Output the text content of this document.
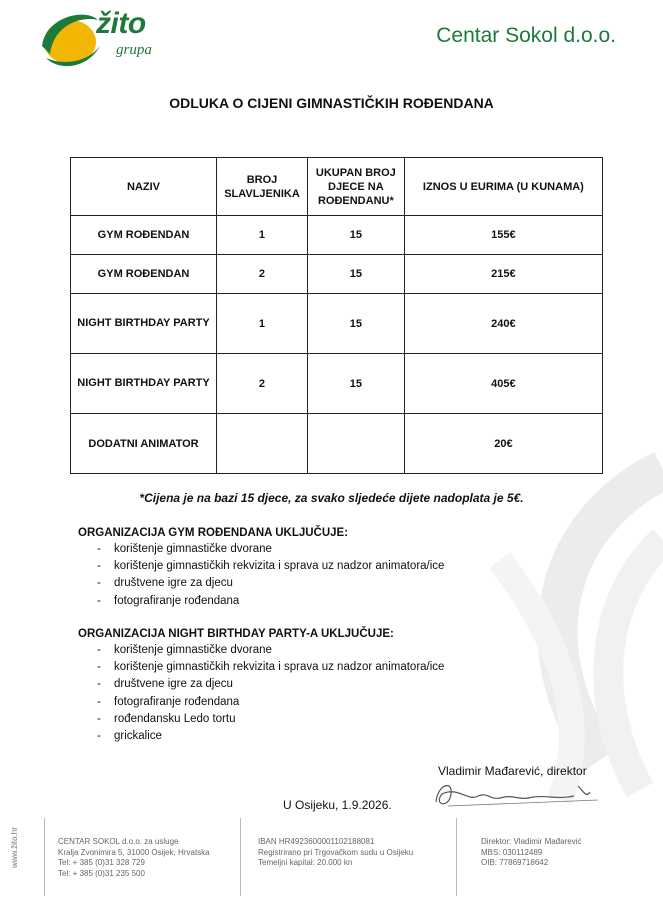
žito
grupa
Centar Sokol d.o.o.
ODLUKA O CIJENI GIMNASTIČKIH ROĐENDANA
NAZIV	BROJ SLAVLJENIKA	UKUPAN BROJ DJECE NA ROĐENDANU*	IZNOS U EURIMA (U KUNAMA)
GYM ROĐENDAN	1	15	155€
GYM ROĐENDAN	2	15	215€
NIGHT BIRTHDAY PARTY	1	15	240€
NIGHT BIRTHDAY PARTY	2	15	405€
DODATNI ANIMATOR			20€
*Cijena je na bazi 15 djece, za svako sljedeće dijete nadoplata je 5€.
ORGANIZACIJA GYM ROĐENDANA UKLJUČUJE:
- korištenje gimnastičke dvorane
- korištenje gimnastičkih rekvizita i sprava uz nadzor animatora/ice
- društvene igre za djecu
- fotografiranje rođendana
ORGANIZACIJA NIGHT BIRTHDAY PARTY-A UKLJUČUJE:
- korištenje gimnastičke dvorane
- korištenje gimnastičkih rekvizita i sprava uz nadzor animatora/ice
- društvene igre za djecu
- fotografiranje rođendana
- rođendansku Ledo tortu
- grickalice
Vladimir Mađarević, direktor
U Osijeku, 1.9.2026.
www.žito.hr	CENTAR SOKOL d.o.o. za usluge
Kralja Zvonimira 5, 31000 Osijek, Hrvatska
Tel: + 385 (0)31 328 729
Tel: + 385 (0)31 235 500
IBAN HR4923600001102188081
Registrirano pri Trgovačkom sudu u Osijeku
Temeljni kapital: 20.000 kn
Direktor: Vladimir Mađarević
MBS: 030112489
OIB: 77869718642
